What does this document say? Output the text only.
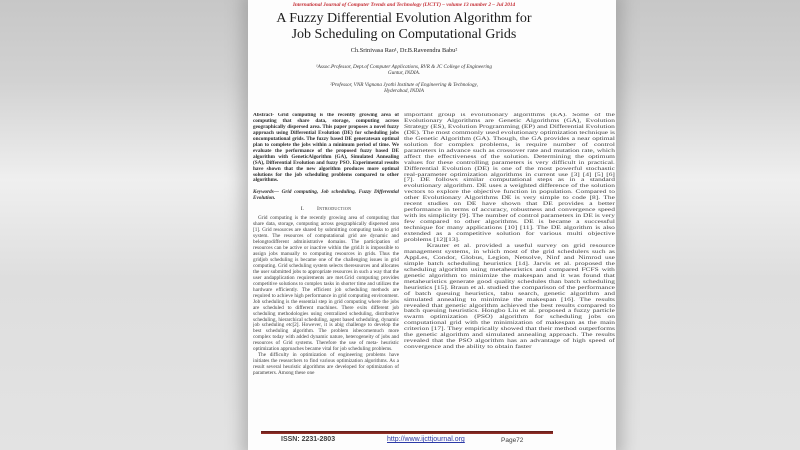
International Journal of Computer Trends and Technology (IJCTT) – volume 13 number 2 – Jul 2014
A Fuzzy Differential Evolution Algorithm for
Job Scheduling on Computational Grids
Ch.Srinivasa Rao¹, Dr.B.Raveendra Babu²
¹Assoc.Professor, Dept.of Computer Applications, RVR & JC College of Engineering
Guntur, INDIA.
²Professor, VNR Vignana Jyothi Institute of Engineering & Technology,
Hyderabad, INDIA

Abstract- Grid computing is the recently growing area of computing that share data, storage, computing across geographically dispersed area. This paper proposes a novel fuzzy approach using Differential Evolution (DE) for scheduling jobs oncomputational grids. The fuzzy based DE generatesan optimal plan to complete the jobs within a minimum period of time. We evaluate the performance of the proposed fuzzy based DE algorithm with GeneticAlgorithm (GA), Simulated Annealing (SA), Differential Evolution and fuzzy PSO. Experimental results have shown that the new algorithm produces more optimal solutions for the job scheduling problems compared to other algorithms.

Keywords— Grid computing, Job scheduling, Fuzzy Differential Evolution.

I. Introduction

Grid computing is the recently growing area of computing that share data, storage, computing across geographically dispersed area [1]. Grid resources are shared by submitting computing tasks to grid system. The resources of computational grid are dynamic and belongtodifferent administrative domains. The participation of resources can be active or inactive within the grid.It is impossible to assign jobs manually to computing resources in grids. Thus the gridjob scheduling is became one of the challenging issues in grid computing. Grid scheduling system selects theresources and allocates the user submitted jobs to appropriate resources in such a way that the user andapplication requirements are met.Grid computing provides competitive solutions to complex tasks in shorter time and utilizes the hardware efficiently. The efficient job scheduling methods are required to achieve high performance in grid computing environment. Job scheduling is the essential step in grid computing where the jobs are scheduled to different machines. There exits different job scheduling methodologies using centralized scheduling, distributive scheduling, hierarchical scheduling, agent based scheduling, dynamic job scheduling etc[2]. However, it is abig challenge to develop the best scheduling algorithm. The problem isbecomemuch more complex today with added dynamic nature, heterogeneity of jobs and resources of Grid systems. Therefore the use of meta- heuristic optimization approaches became vital for job scheduling problems.

The difficulty in optimization of engineering problems have initiates the researchers to find various optimization algorithms. As a result several heuristic algorithms are developed for optimization of parameters. Among these one

important group is evolutionary algorithms (EA). Some of the Evolutionary Algorithms are Genetic Algorithms (GA), Evolution Strategy (ES), Evolution Programming (EP) and Differential Evolution (DE). The most commonly used evolutionary optimization technique is the Genetic Algorithm (GA). Though, the GA provides a near optimal solution for complex problems, is require number of control parameters in advance such as crossover rate and mutation rate, which affect the effectiveness of the solution. Determining the optimum values for these controlling parameters is very difficult in practical. Differential Evolution (DE) is one of the most powerful stochastic real-parameter optimization algorithms in current use [3] [4] [5] [6] [7]. DE follows similar computational steps as in a standard evolutionary algorithm. DE uses a weighted difference of the solution vectors to explore the objective function in population. Compared to other Evolutionary Algorithms DE is very simple to code [8]. The recent studies on DE have shown that DE provides a better performance in terms of accuracy, robustness and convergence speed with its simplicity [9]. The number of control parameters in DE is very few compared to other algorithms. DE is became a successful technique for many applications [10] [11]. The DE algorithm is also extended as a competitive solution for various multi objective problems [12][13].

Krauter et al. provided a useful survey on grid resource management systems, in which most of the grid schedulers such as AppLes, Condor, Globus, Legion, Netsolve, Ninf and Nimrod use simple batch scheduling heuristics [14]. Jarvis et al. proposed the scheduling algorithm using metaheuristics and compared FCFS with genetic algorithm to minimize the makespan and it was found that metaheuristics generate good quality schedules than batch scheduling heuristics [15]. Braun et al. studied the comparison of the performance of batch queuing heuristics, tabu search, genetic algorithm and simulated annealing to minimize the makespan [16]. The results revealed that genetic algorithm achieved the best results compared to batch queuing heuristics. Hongbo Liu et al. proposed a fuzzy particle swarm optimization (PSO) algorithm for scheduling jobs on computational grid with the minimization of makespan as the main criterion [17]. They empirically showed that their method outperforms the genetic algorithm and simulated annealing approach. The results revealed that the PSO algorithm has an advantage of high speed of convergence and the ability to obtain faster

ISSN: 2231-2803	http://www.ijcttjournal.org	Page72
